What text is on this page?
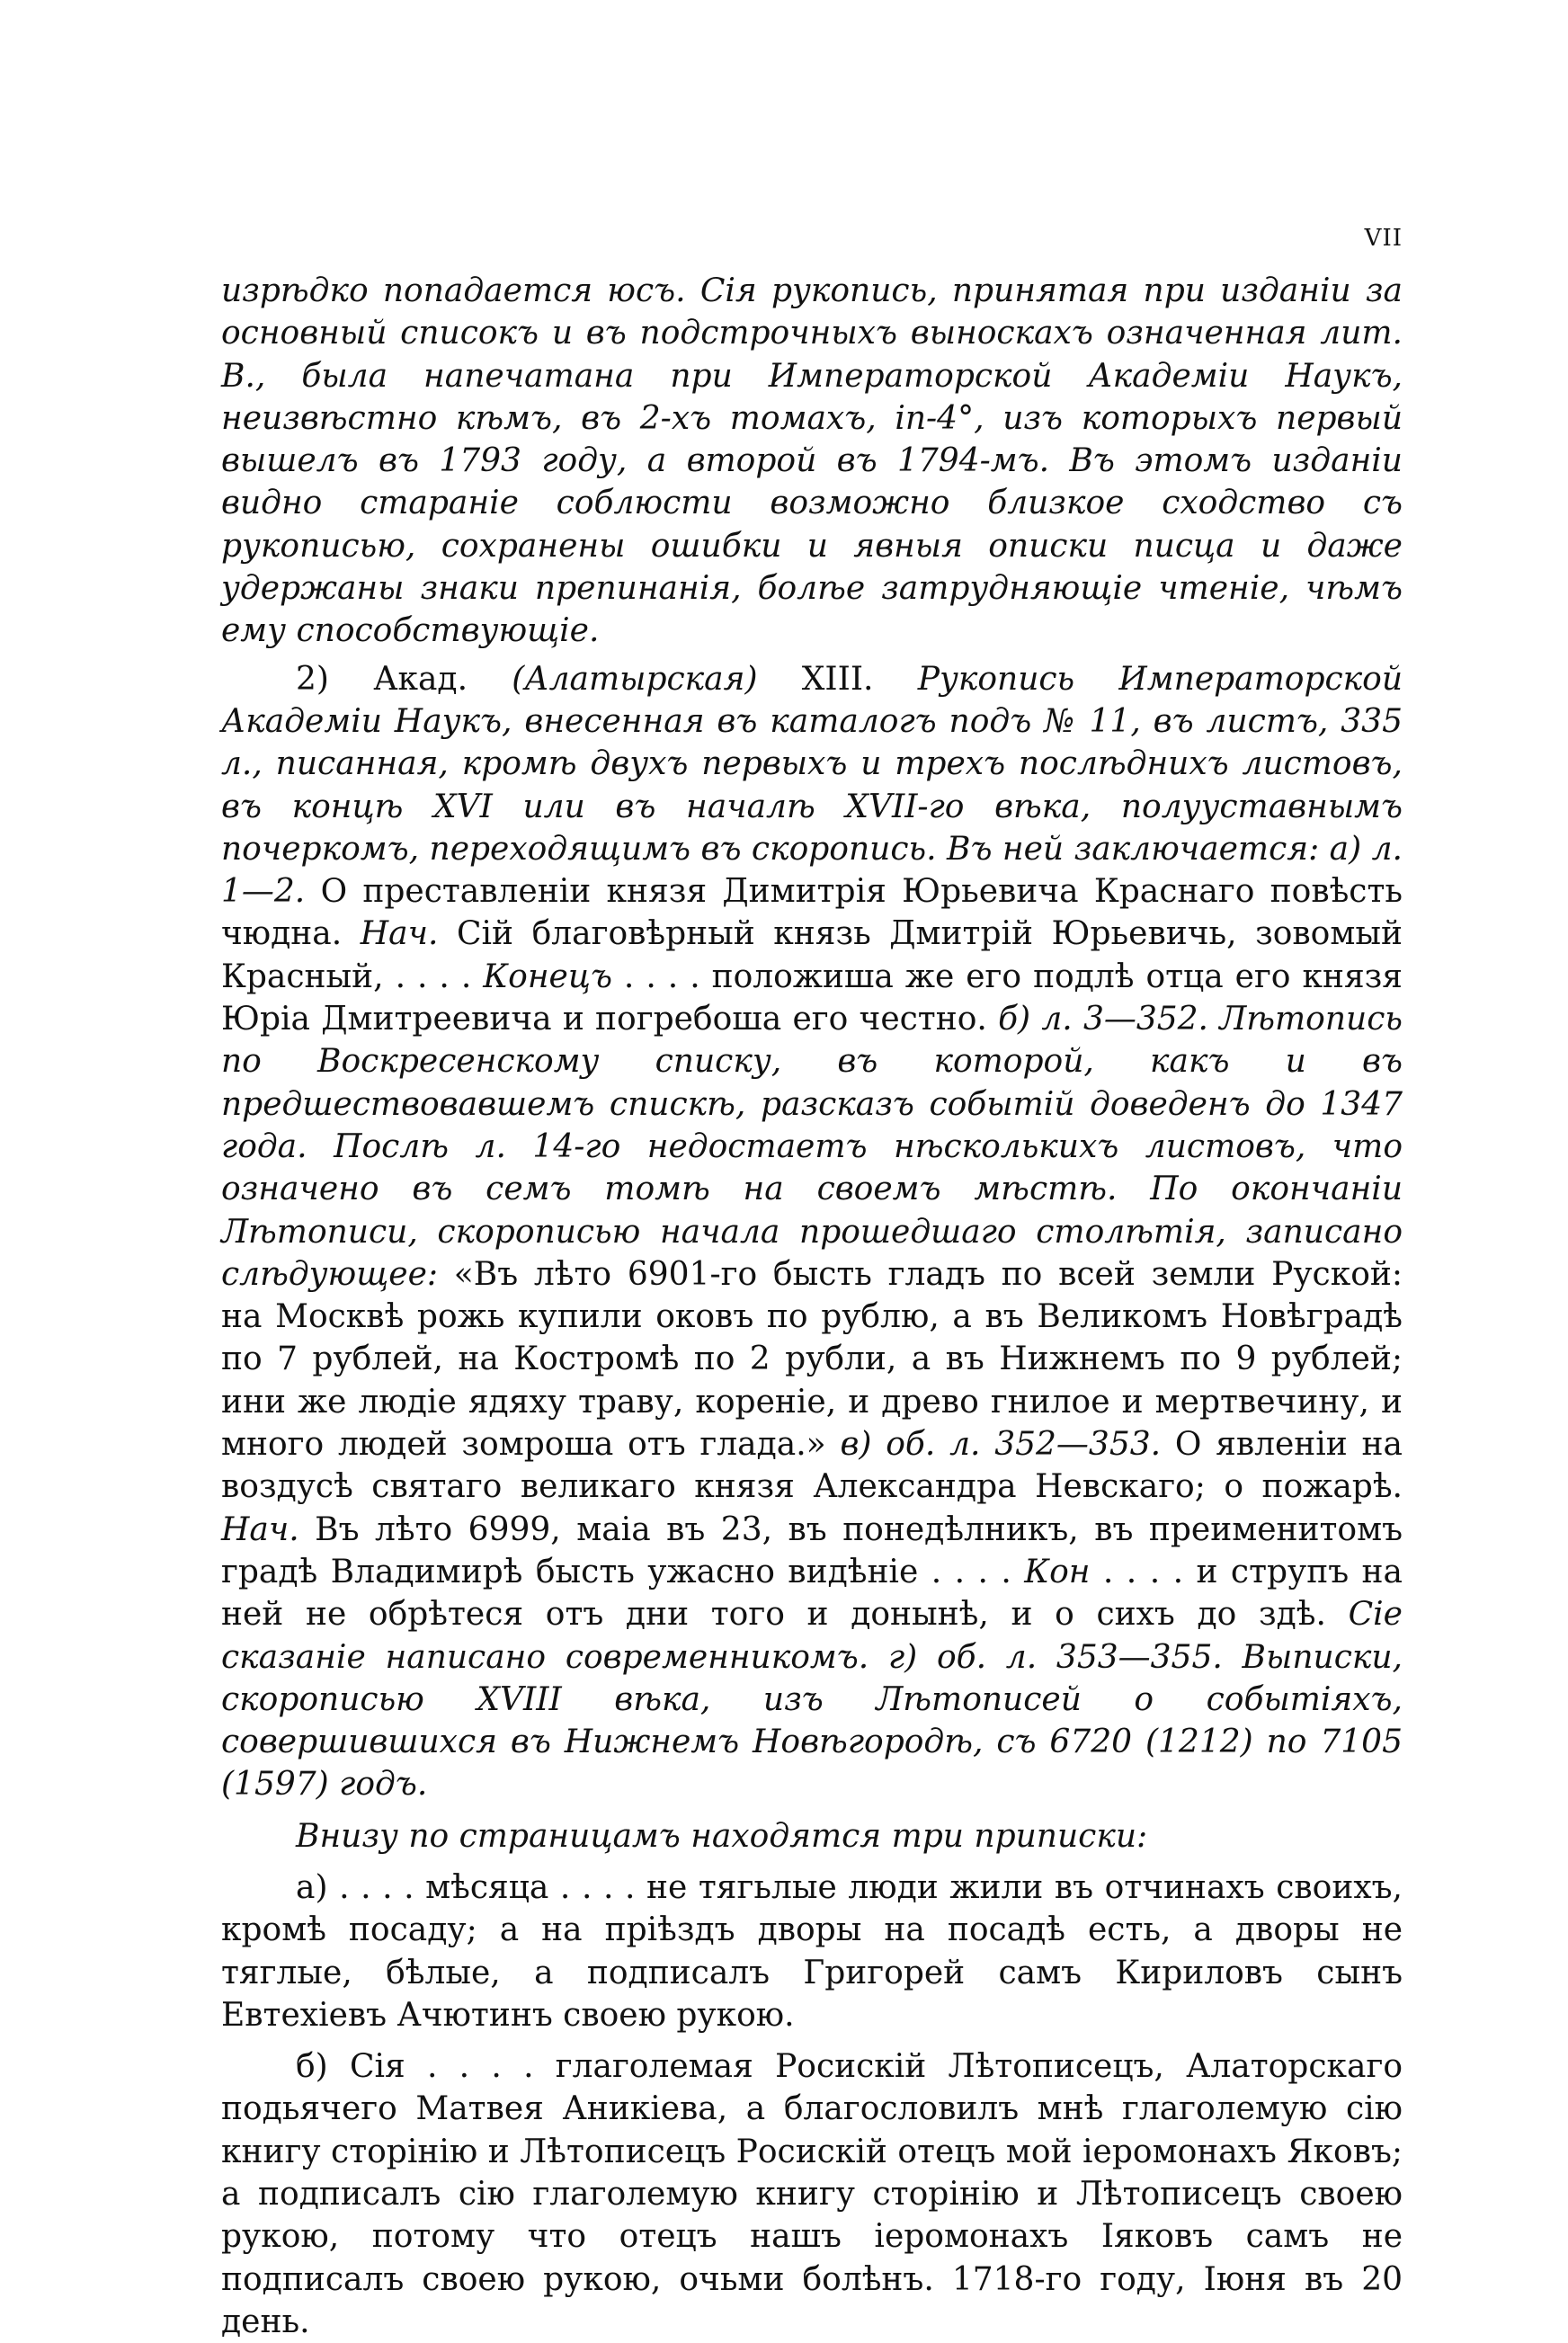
VII

изрѣдко попадается юсъ. Сія рукопись, принятая при изданіи за основный списокъ и въ подстрочныхъ выноскахъ означенная лит. В., была напечатана при Императорской Академіи Наукъ, неизвѣстно кѣмъ, въ 2-хъ томахъ, in-4°, изъ которыхъ первый вышелъ въ 1793 году, а второй въ 1794-мъ. Въ этомъ изданіи видно стараніе соблюсти возможно близкое сходство съ рукописью, сохранены ошибки и явныя описки писца и даже удержаны знаки препинанія, болѣе затрудняющіе чтеніе, чѣмъ ему способствующіе.

2) Акад. (Алатырская) XIII. Рукопись Императорской Академіи Наукъ, внесенная въ каталогъ подъ № 11, въ листъ, 335 л., писанная, кромѣ двухъ первыхъ и трехъ послѣднихъ листовъ, въ концѣ XVI или въ началѣ XVII-го вѣка, полууставнымъ почеркомъ, переходящимъ въ скоропись. Въ ней заключается: а) л. 1—2. О преставленіи князя Димитрія Юрьевича Краснаго повѣсть чюдна. Нач. Сій благовѣрный князь Дмитрій Юрьевичь, зовомый Красный, . . . . Конецъ . . . . положиша же его подлѣ отца его князя Юріа Дмитреевича и погребоша его честно. б) л. 3—352. Лѣтопись по Воскресенскому списку, въ которой, какъ и въ предшествовавшемъ спискѣ, разсказъ событій доведенъ до 1347 года. Послѣ л. 14-го недостаетъ нѣсколькихъ листовъ, что означено въ семъ томѣ на своемъ мѣстѣ. По окончаніи Лѣтописи, скорописью начала прошедшаго столѣтія, записано слѣдующее: «Въ лѣто 6901-го бысть гладъ по всей земли Руской: на Москвѣ рожь купили оковъ по рублю, а въ Великомъ Новѣградѣ по 7 рублей, на Костромѣ по 2 рубли, а въ Нижнемъ по 9 рублей; ини же людіе ядяху траву, кореніе, и древо гнилое и мертвечину, и много людей зомроша отъ глада.» в) об. л. 352—353. О явленіи на воздусѣ святаго великаго князя Александра Невскаго; о пожарѣ. Нач. Въ лѣто 6999, маіа въ 23, въ понедѣлникъ, въ преименитомъ градѣ Владимирѣ бысть ужасно видѣніе . . . . Кон . . . . и струпъ на ней не обрѣтеся отъ дни того и донынѣ, и о сихъ до здѣ. Сіе сказаніе написано современникомъ. г) об. л. 353—355. Выписки, скорописью XVIII вѣка, изъ Лѣтописей о событіяхъ, совершившихся въ Нижнемъ Новѣгородѣ, съ 6720 (1212) по 7105 (1597) годъ.

Внизу по страницамъ находятся три приписки:

а) . . . . мѣсяца . . . . не тягьлые люди жили въ отчинахъ своихъ, кромѣ посаду; а на пріѣздъ дворы на посадѣ есть, а дворы не тяглые, бѣлые, а подписалъ Григорей самъ Кириловъ сынъ Евтехіевъ Ачютинъ своею рукою.

б) Сія . . . . глаголемая Росискій Лѣтописецъ, Алаторскаго подьячего Матвея Аникіева, а благословилъ мнѣ глаголемую сію книгу сторінію и Лѣтописецъ Росискій отецъ мой іеромонахъ Яковъ; а подписалъ сію глаголемую книгу сторінію и Лѣтописецъ своею рукою, потому что отецъ нашъ іеромонахъ Іяковъ самъ не подписалъ своею рукою, очьми болѣнъ. 1718-го году, Іюня въ 20 день.
